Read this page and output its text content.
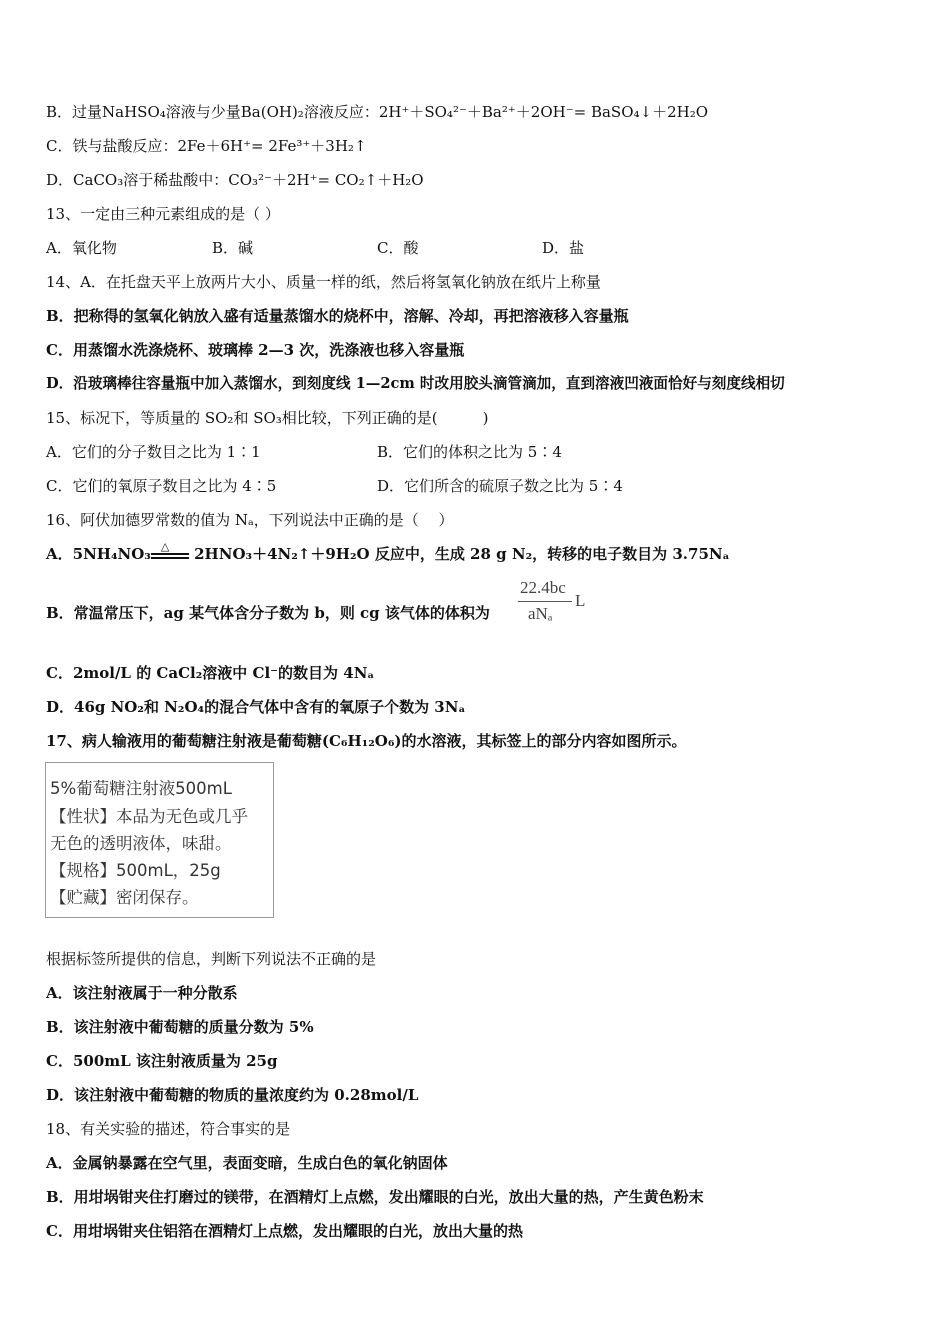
B．过量NaHSO₄溶液与少量Ba(OH)₂溶液反应：2H⁺＋SO₄²⁻＋Ba²⁺＋2OH⁻= BaSO₄↓＋2H₂O
C．铁与盐酸反应：2Fe＋6H⁺= 2Fe³⁺＋3H₂↑
D．CaCO₃溶于稀盐酸中：CO₃²⁻＋2H⁺= CO₂↑＋H₂O
13、一定由三种元素组成的是（ ）
A．氧化物	B．碱	C．酸	D．盐
14、A．在托盘天平上放两片大小、质量一样的纸，然后将氢氧化钠放在纸片上称量
B．把称得的氢氧化钠放入盛有适量蒸馏水的烧杯中，溶解、冷却，再把溶液移入容量瓶
C．用蒸馏水洗涤烧杯、玻璃棒 2—3 次，洗涤液也移入容量瓶
D．沿玻璃棒往容量瓶中加入蒸馏水，到刻度线 1—2cm 时改用胶头滴管滴加，直到溶液凹液面恰好与刻度线相切
15、标况下，等质量的 SO₂和 SO₃相比较，下列正确的是(　　　)
A．它们的分子数目之比为 1∶1	B．它们的体积之比为 5∶4
C．它们的氧原子数目之比为 4∶5	D．它们所含的硫原子数之比为 5∶4
16、阿伏加德罗常数的值为 Nₐ，下列说法中正确的是（　 ）
A．5NH₄NO₃ △ 2HNO₃＋4N₂↑＋9H₂O 反应中，生成 28 g N₂，转移的电子数目为 3.75Nₐ
B．常温常压下，ag 某气体含分子数为 b，则 cg 该气体的体积为
22.4bc
aNₐ
L
C．2mol/L 的 CaCl₂溶液中 Cl⁻的数目为 4Nₐ
D．46g NO₂和 N₂O₄的混合气体中含有的氧原子个数为 3Nₐ
17、病人输液用的葡萄糖注射液是葡萄糖(C₆H₁₂O₆)的水溶液，其标签上的部分内容如图所示。
5%葡萄糖注射液500mL
【性状】本品为无色或几乎
无色的透明液体，味甜。
【规格】500mL，25g
【贮藏】密闭保存。
根据标签所提供的信息，判断下列说法不正确的是
A．该注射液属于一种分散系
B．该注射液中葡萄糖的质量分数为 5%
C．500mL 该注射液质量为 25g
D．该注射液中葡萄糖的物质的量浓度约为 0.28mol/L
18、有关实验的描述，符合事实的是
A．金属钠暴露在空气里，表面变暗，生成白色的氧化钠固体
B．用坩埚钳夹住打磨过的镁带，在酒精灯上点燃，发出耀眼的白光，放出大量的热，产生黄色粉末
C．用坩埚钳夹住铝箔在酒精灯上点燃，发出耀眼的白光，放出大量的热
